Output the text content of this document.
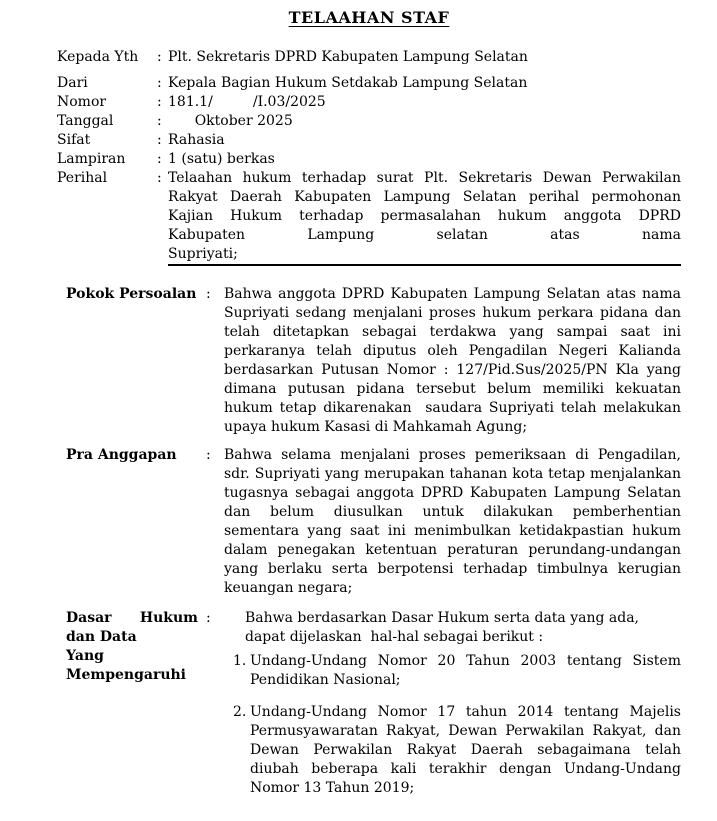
TELAAHAN STAF
Kepada Yth	: Plt. Sekretaris DPRD Kabupaten Lampung Selatan
Dari	: Kepala Bagian Hukum Setdakab Lampung Selatan
Nomor	: 181.1/         /I.03/2025
Tanggal	: Oktober 2025
Sifat	: Rahasia
Lampiran	: 1 (satu) berkas
Perihal	: Telaahan hukum terhadap surat Plt. Sekretaris Dewan Perwakilan Rakyat Daerah Kabupaten Lampung Selatan perihal permohonan Kajian Hukum terhadap permasalahan hukum anggota DPRD Kabupaten Lampung selatan atas nama
Supriyati;
Pokok Persoalan : Bahwa anggota DPRD Kabupaten Lampung Selatan atas nama Supriyati sedang menjalani proses hukum perkara pidana dan telah ditetapkan sebagai terdakwa yang sampai saat ini perkaranya telah diputus oleh Pengadilan Negeri Kalianda berdasarkan Putusan Nomor : 127/Pid.Sus/2025/PN Kla yang dimana putusan pidana tersebut belum memiliki kekuatan hukum tetap dikarenakan  saudara Supriyati telah melakukan upaya hukum Kasasi di Mahkamah Agung;
Pra Anggapan	: Bahwa selama menjalani proses pemeriksaan di Pengadilan, sdr. Supriyati yang merupakan tahanan kota tetap menjalankan tugasnya sebagai anggota DPRD Kabupaten Lampung Selatan dan belum diusulkan untuk dilakukan pemberhentian sementara yang saat ini menimbulkan ketidakpastian hukum dalam penegakan ketentuan peraturan perundang-undangan yang berlaku serta berpotensi terhadap timbulnya kerugian keuangan negara;
Dasar Hukum
dan Data
Yang
Mempengaruhi
:	Bahwa berdasarkan Dasar Hukum serta data yang ada, dapat dijelaskan  hal-hal sebagai berikut :
1. Undang-Undang Nomor 20 Tahun 2003 tentang Sistem Pendidikan Nasional;
2. Undang-Undang Nomor 17 tahun 2014 tentang Majelis Permusyawaratan Rakyat, Dewan Perwakilan Rakyat, dan Dewan Perwakilan Rakyat Daerah sebagaimana telah diubah beberapa kali terakhir dengan Undang-Undang Nomor 13 Tahun 2019;
